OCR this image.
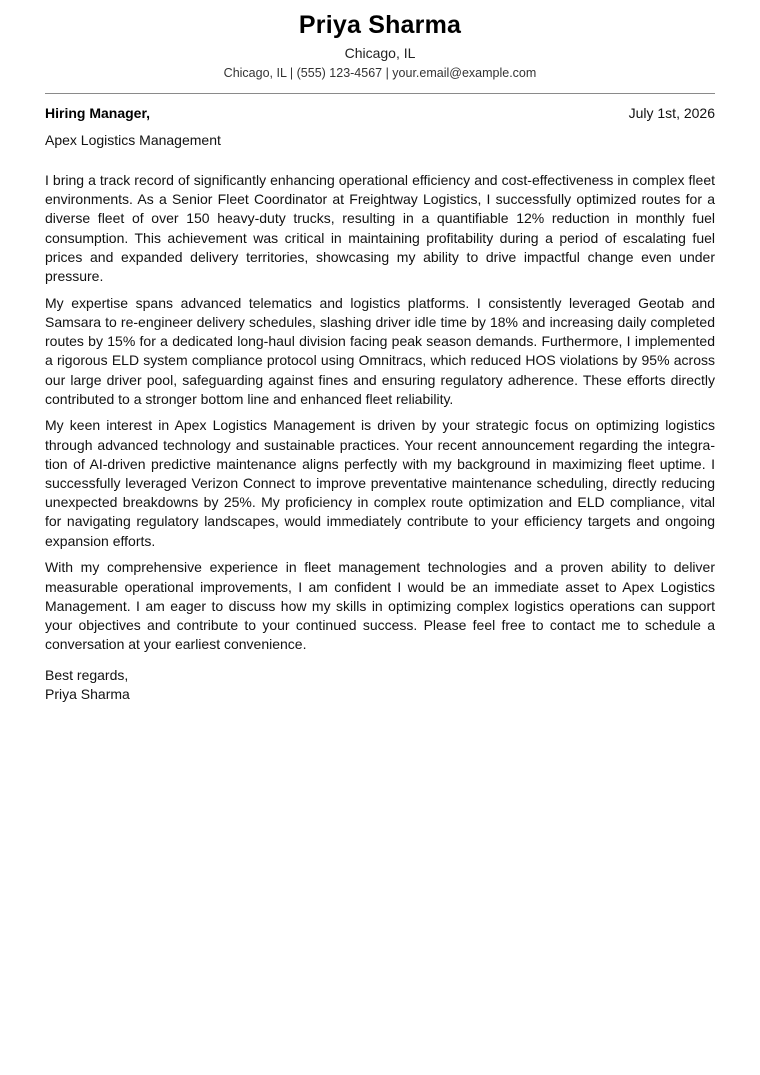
Priya Sharma
Chicago, IL
Chicago, IL | (555) 123-4567 | your.email@example.com
Hiring Manager,	July 1st, 2026
Apex Logistics Management

I bring a track record of significantly enhancing operational efficiency and cost-effectiveness in complex fleet environments. As a Senior Fleet Coordinator at Freightway Logistics, I successfully optimized routes for a diverse fleet of over 150 heavy-duty trucks, resulting in a quantifiable 12% reduction in monthly fuel consumption. This achievement was critical in maintaining profitability during a period of escalating fuel prices and expanded delivery territories, showcasing my ability to drive impactful change even under pressure.

My expertise spans advanced telematics and logistics platforms. I consistently leveraged Geotab and Samsara to re-engineer delivery schedules, slashing driver idle time by 18% and increasing daily completed routes by 15% for a dedicated long-haul division facing peak season demands. Furthermore, I implemented a rigorous ELD system compliance protocol using Omnitracs, which reduced HOS violations by 95% across our large driver pool, safeguarding against fines and ensuring regulatory adherence. These efforts directly contributed to a stronger bottom line and enhanced fleet reliability.

My keen interest in Apex Logistics Management is driven by your strategic focus on optimizing logistics through advanced technology and sustainable practices. Your recent announcement regarding the integration of AI-driven predictive maintenance aligns perfectly with my background in maximizing fleet uptime. I successfully leveraged Verizon Connect to improve preventative maintenance scheduling, directly reducing unexpected breakdowns by 25%. My proficiency in complex route optimization and ELD compliance, vital for navigating regulatory landscapes, would immediately contribute to your efficiency targets and ongoing expansion efforts.

With my comprehensive experience in fleet management technologies and a proven ability to deliver measurable operational improvements, I am confident I would be an immediate asset to Apex Logistics Management. I am eager to discuss how my skills in optimizing complex logistics operations can support your objectives and contribute to your continued success. Please feel free to contact me to schedule a conversation at your earliest convenience.

Best regards,
Priya Sharma
